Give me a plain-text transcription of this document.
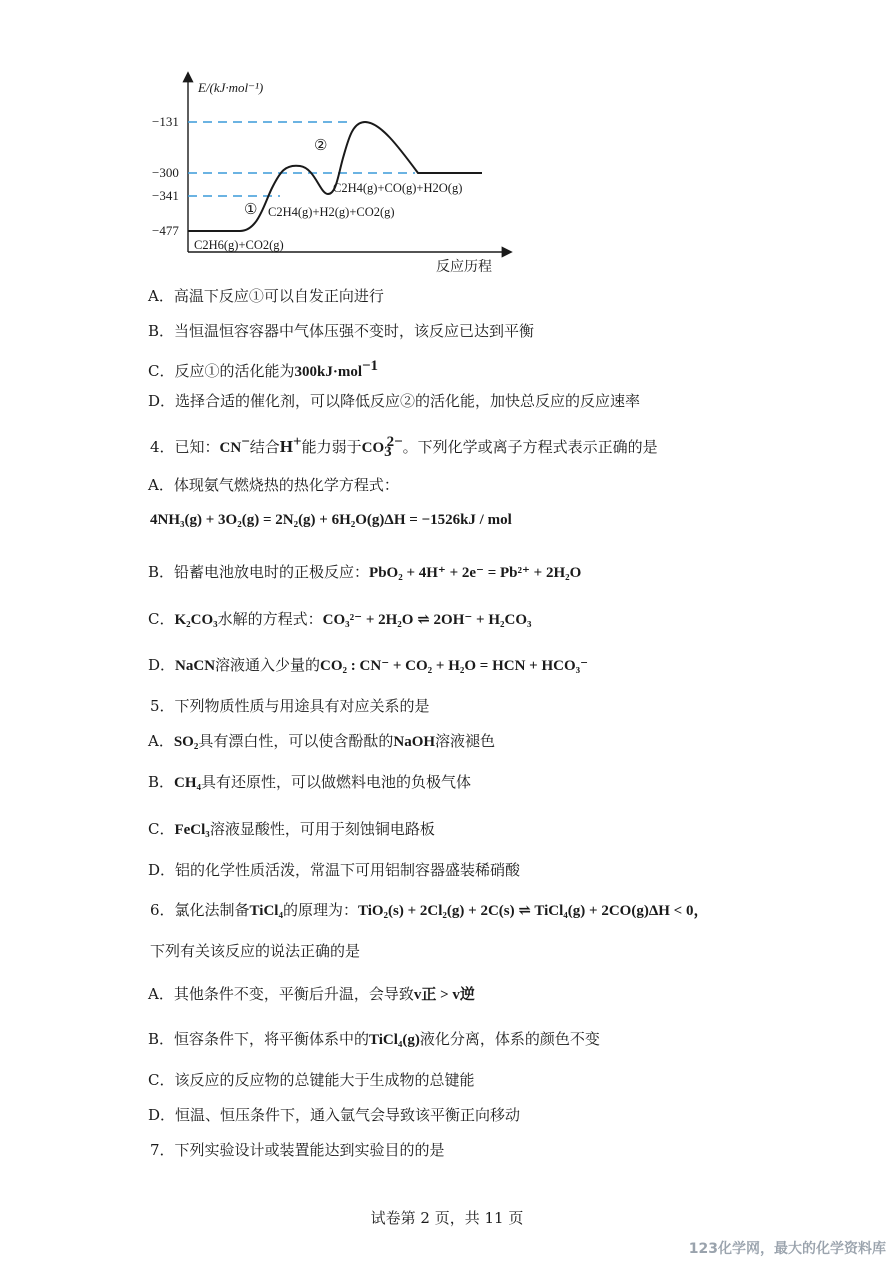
E/(kJ·mol⁻¹)
反应历程
−131
−300
−341
−477
①
②
C2H6(g)+CO2(g)
C2H4(g)+H2(g)+CO2(g)
C2H4(g)+CO(g)+H2O(g)
A．高温下反应①可以自发正向进行
B．当恒温恒容容器中气体压强不变时，该反应已达到平衡
C．反应①的活化能为300kJ·mol$^{-1}$
D．选择合适的催化剂，可以降低反应②的活化能，加快总反应的反应速率
4．已知：CN−结合H+能力弱于$CO_3^{2-}$。下列化学或离子方程式表示正确的是
A．体现氨气燃烧热的热化学方程式：
4NH₃(g) + 3O₂(g) = 2N₂(g) + 6H₂O(g)ΔH = −1526kJ / mol
B．铅蓄电池放电时的正极反应：PbO₂ + 4H⁺ + 2e⁻ = Pb²⁺ + 2H₂O
C．K₂CO₃水解的方程式：CO₃²⁻ + 2H₂O ⇌ 2OH⁻ + H₂CO₃
D．NaCN溶液通入少量的CO₂ : CN⁻ + CO₂ + H₂O = HCN + HCO₃⁻
5．下列物质性质与用途具有对应关系的是
A．SO₂具有漂白性，可以使含酚酞的NaOH溶液褪色
B．CH₄具有还原性，可以做燃料电池的负极气体
C．FeCl₃溶液显酸性，可用于刻蚀铜电路板
D．铝的化学性质活泼，常温下可用铝制容器盛装稀硝酸
6．氯化法制备TiCl₄的原理为：TiO₂(s) + 2Cl₂(g) + 2C(s) ⇌ TiCl₄(g) + 2CO(g)ΔH < 0，
下列有关该反应的说法正确的是
A．其他条件不变，平衡后升温，会导致v正 > v逆
B．恒容条件下，将平衡体系中的TiCl₄(g)液化分离，体系的颜色不变
C．该反应的反应物的总键能大于生成物的总键能
D．恒温、恒压条件下，通入氩气会导致该平衡正向移动
7．下列实验设计或装置能达到实验目的的是
试卷第 2 页，共 11 页
123化学网，最大的化学资料库
